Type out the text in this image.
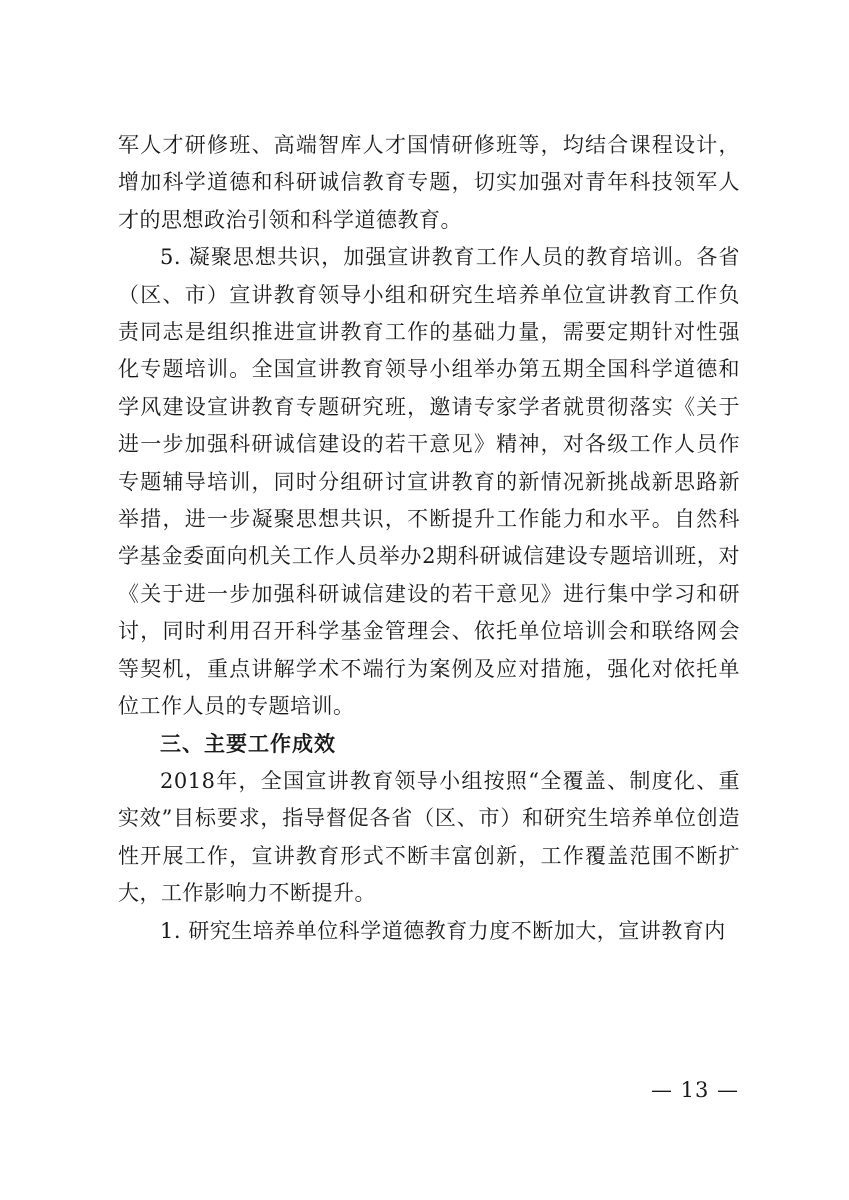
军人才研修班、高端智库人才国情研修班等，均结合课程设计，增加科学道德和科研诚信教育专题，切实加强对青年科技领军人才的思想政治引领和科学道德教育。

5. 凝聚思想共识，加强宣讲教育工作人员的教育培训。各省（区、市）宣讲教育领导小组和研究生培养单位宣讲教育工作负责同志是组织推进宣讲教育工作的基础力量，需要定期针对性强化专题培训。全国宣讲教育领导小组举办第五期全国科学道德和学风建设宣讲教育专题研究班，邀请专家学者就贯彻落实《关于进一步加强科研诚信建设的若干意见》精神，对各级工作人员作专题辅导培训，同时分组研讨宣讲教育的新情况新挑战新思路新举措，进一步凝聚思想共识，不断提升工作能力和水平。自然科学基金委面向机关工作人员举办2期科研诚信建设专题培训班，对《关于进一步加强科研诚信建设的若干意见》进行集中学习和研讨，同时利用召开科学基金管理会、依托单位培训会和联络网会等契机，重点讲解学术不端行为案例及应对措施，强化对依托单位工作人员的专题培训。

三、主要工作成效

2018年，全国宣讲教育领导小组按照“全覆盖、制度化、重实效”目标要求，指导督促各省（区、市）和研究生培养单位创造性开展工作，宣讲教育形式不断丰富创新，工作覆盖范围不断扩大，工作影响力不断提升。

1. 研究生培养单位科学道德教育力度不断加大，宣讲教育内

— 13 —
